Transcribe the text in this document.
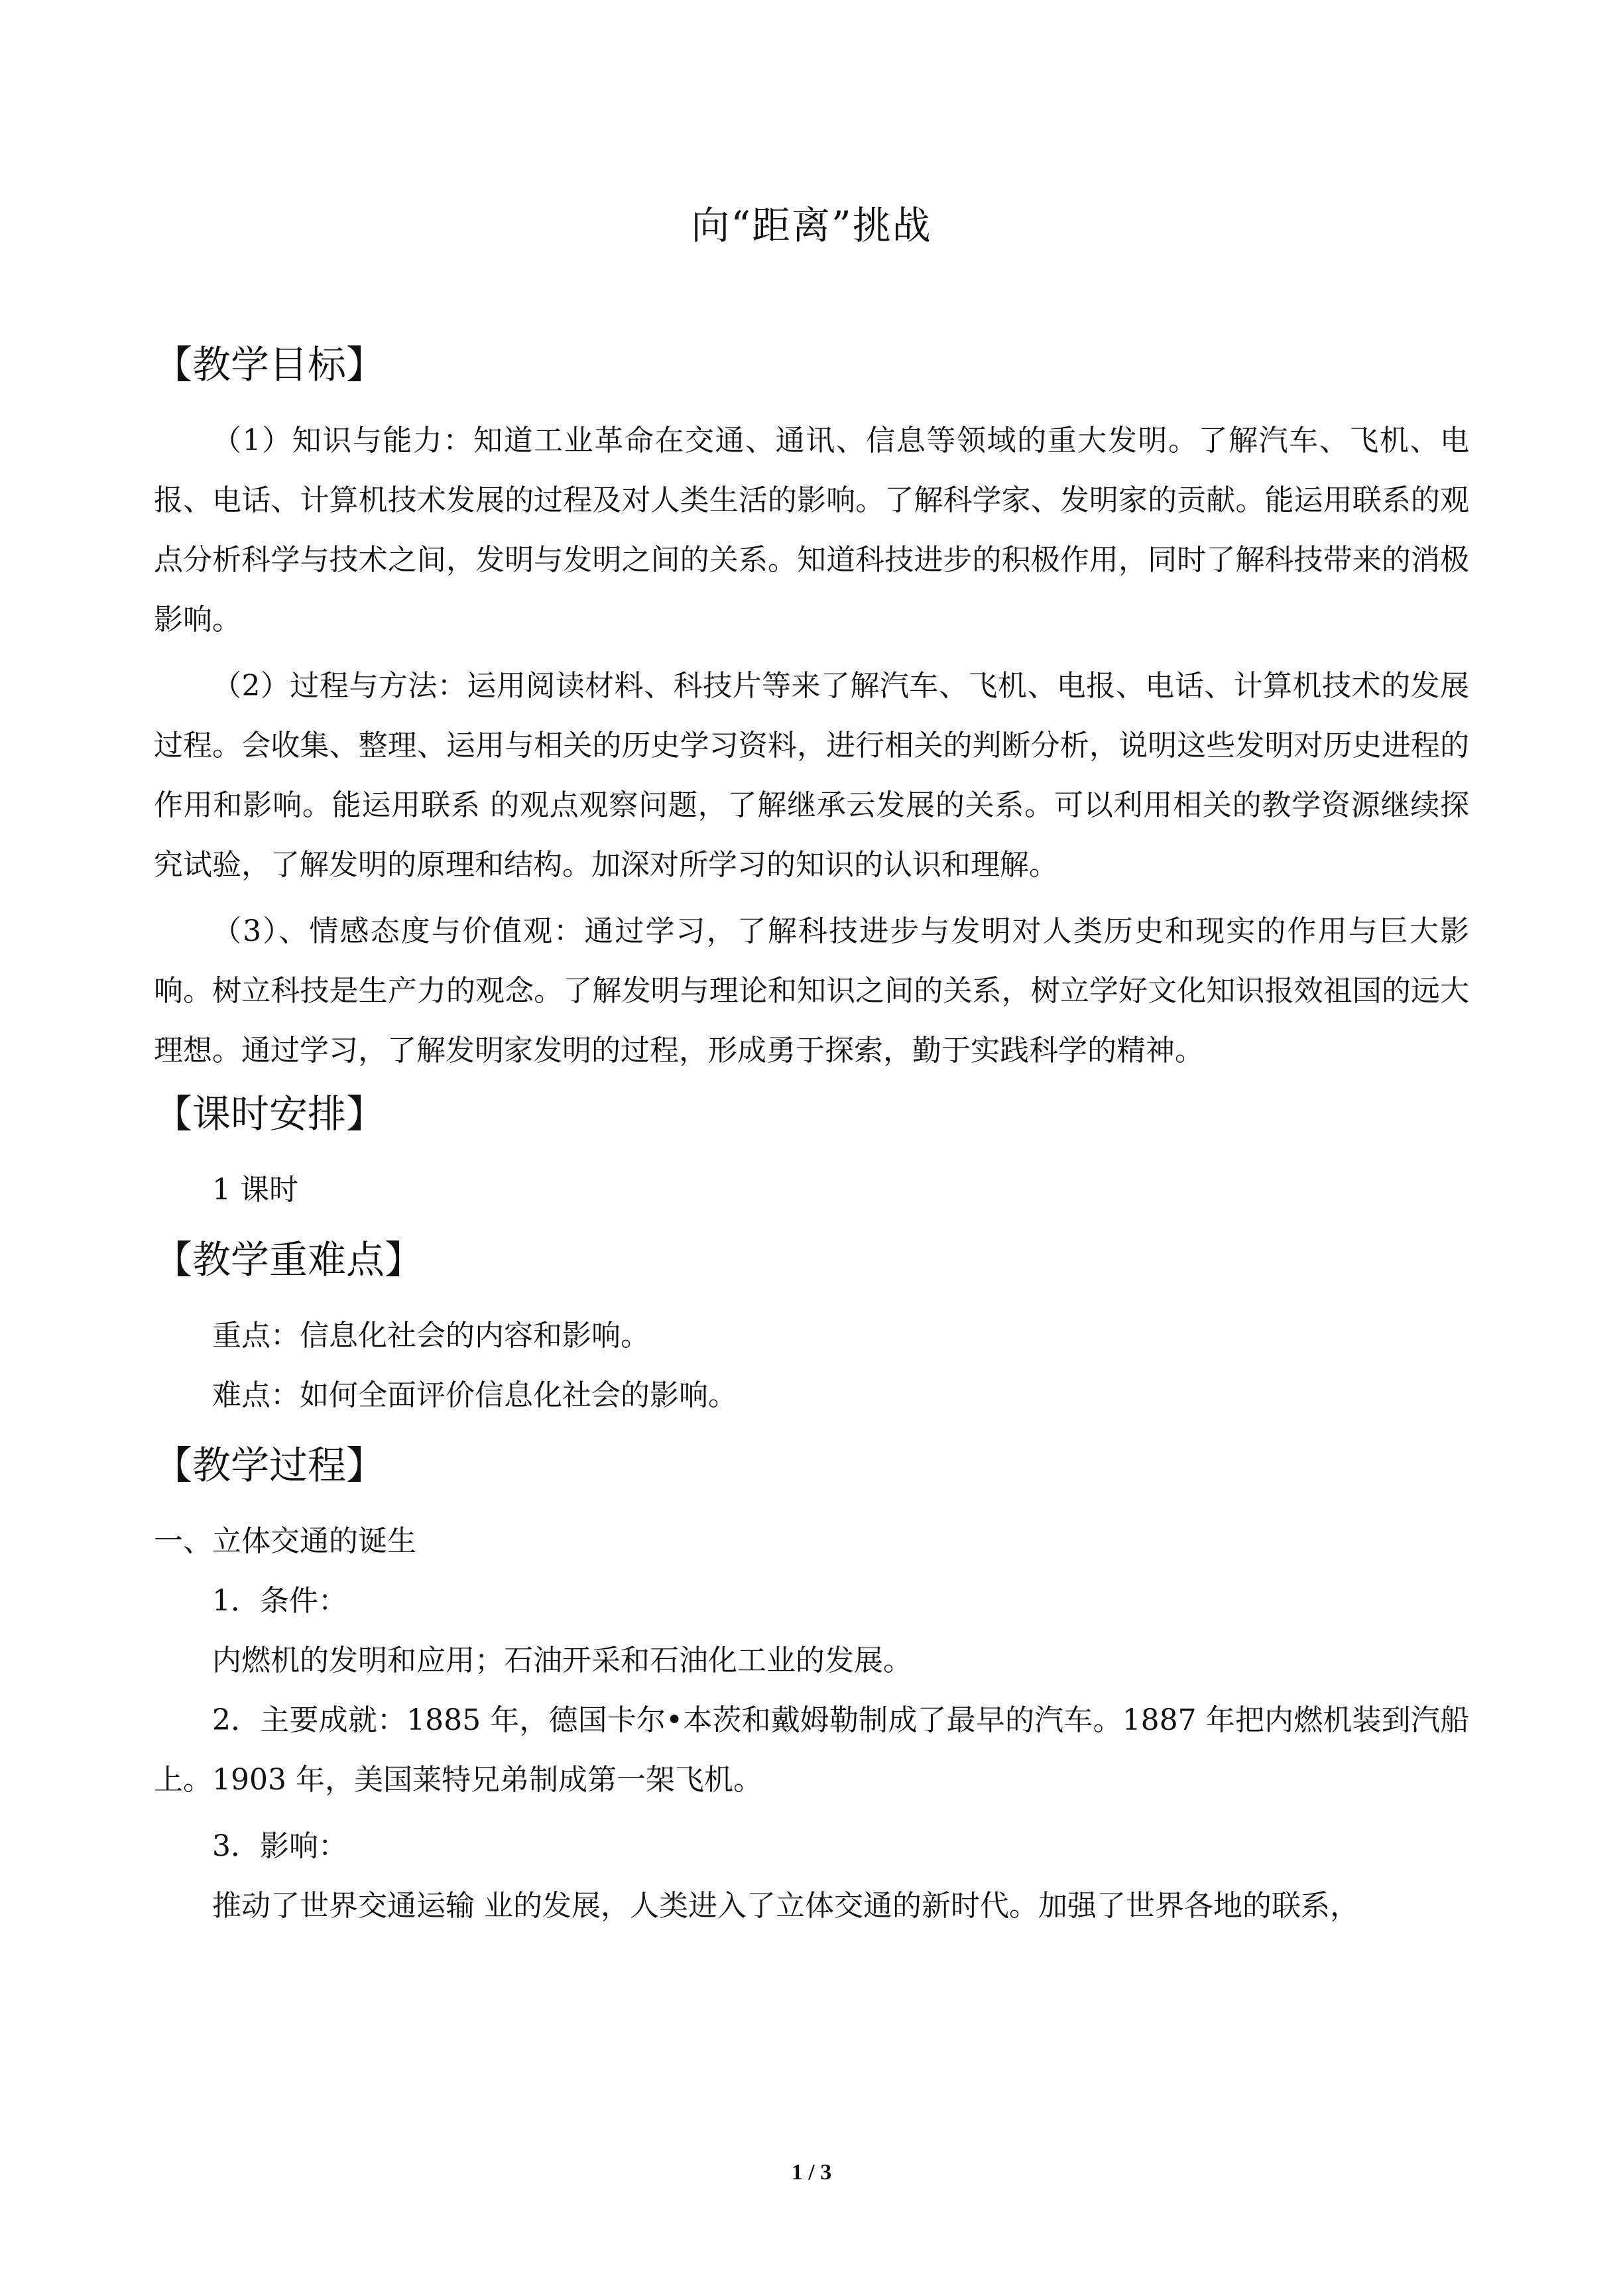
向“距离”挑战
【教学目标】

（1）知识与能力：知道工业革命在交通、通讯、信息等领域的重大发明。了解汽车、飞机、电报、电话、计算机技术发展的过程及对人类生活的影响。了解科学家、发明家的贡献。能运用联系的观点分析科学与技术之间，发明与发明之间的关系。知道科技进步的积极作用，同时了解科技带来的消极影响。

（2）过程与方法：运用阅读材料、科技片等来了解汽车、飞机、电报、电话、计算机技术的发展过程。会收集、整理、运用与相关的历史学习资料，进行相关的判断分析，说明这些发明对历史进程的作用和影响。能运用联系 的观点观察问题，了解继承云发展的关系。可以利用相关的教学资源继续探究试验，了解发明的原理和结构。加深对所学习的知识的认识和理解。

（3）、情感态度与价值观：通过学习，了解科技进步与发明对人类历史和现实的作用与巨大影响。树立科技是生产力的观念。了解发明与理论和知识之间的关系，树立学好文化知识报效祖国的远大理想。通过学习，了解发明家发明的过程，形成勇于探索，勤于实践科学的精神。

【课时安排】

1 课时

【教学重难点】

重点：信息化社会的内容和影响。

难点：如何全面评价信息化社会的影响。

【教学过程】

一、立体交通的诞生

1．条件：

内燃机的发明和应用；石油开采和石油化工业的发展。

2．主要成就：1885 年，德国卡尔•本茨和戴姆勒制成了最早的汽车。1887 年把内燃机装到汽船上。1903 年，美国莱特兄弟制成第一架飞机。

3．影响：

推动了世界交通运输 业的发展，人类进入了立体交通的新时代。加强了世界各地的联系，

1 / 3
